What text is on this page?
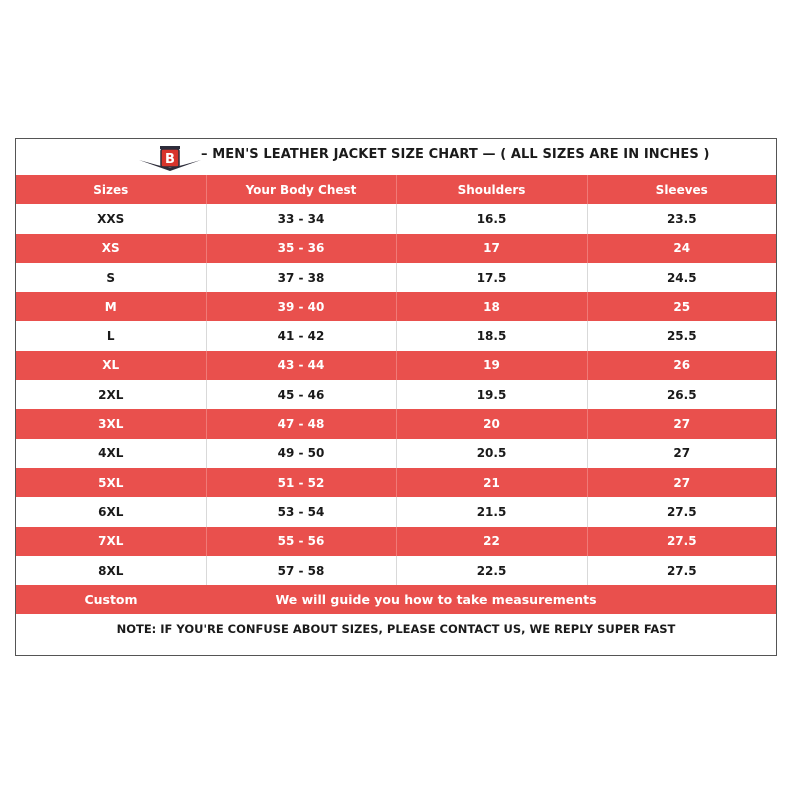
B – MEN'S LEATHER JACKET SIZE CHART — ( ALL SIZES ARE IN INCHES )
Sizes	Your Body Chest	Shoulders	Sleeves
XXS	33 - 34	16.5	23.5
XS	35 - 36	17	24
S	37 - 38	17.5	24.5
M	39 - 40	18	25
L	41 - 42	18.5	25.5
XL	43 - 44	19	26
2XL	45 - 46	19.5	26.5
3XL	47 - 48	20	27
4XL	49 - 50	20.5	27
5XL	51 - 52	21	27
6XL	53 - 54	21.5	27.5
7XL	55 - 56	22	27.5
8XL	57 - 58	22.5	27.5
Custom	We will guide you how to take measurements		
NOTE: IF YOU'RE CONFUSE ABOUT SIZES, PLEASE CONTACT US, WE REPLY SUPER FAST
